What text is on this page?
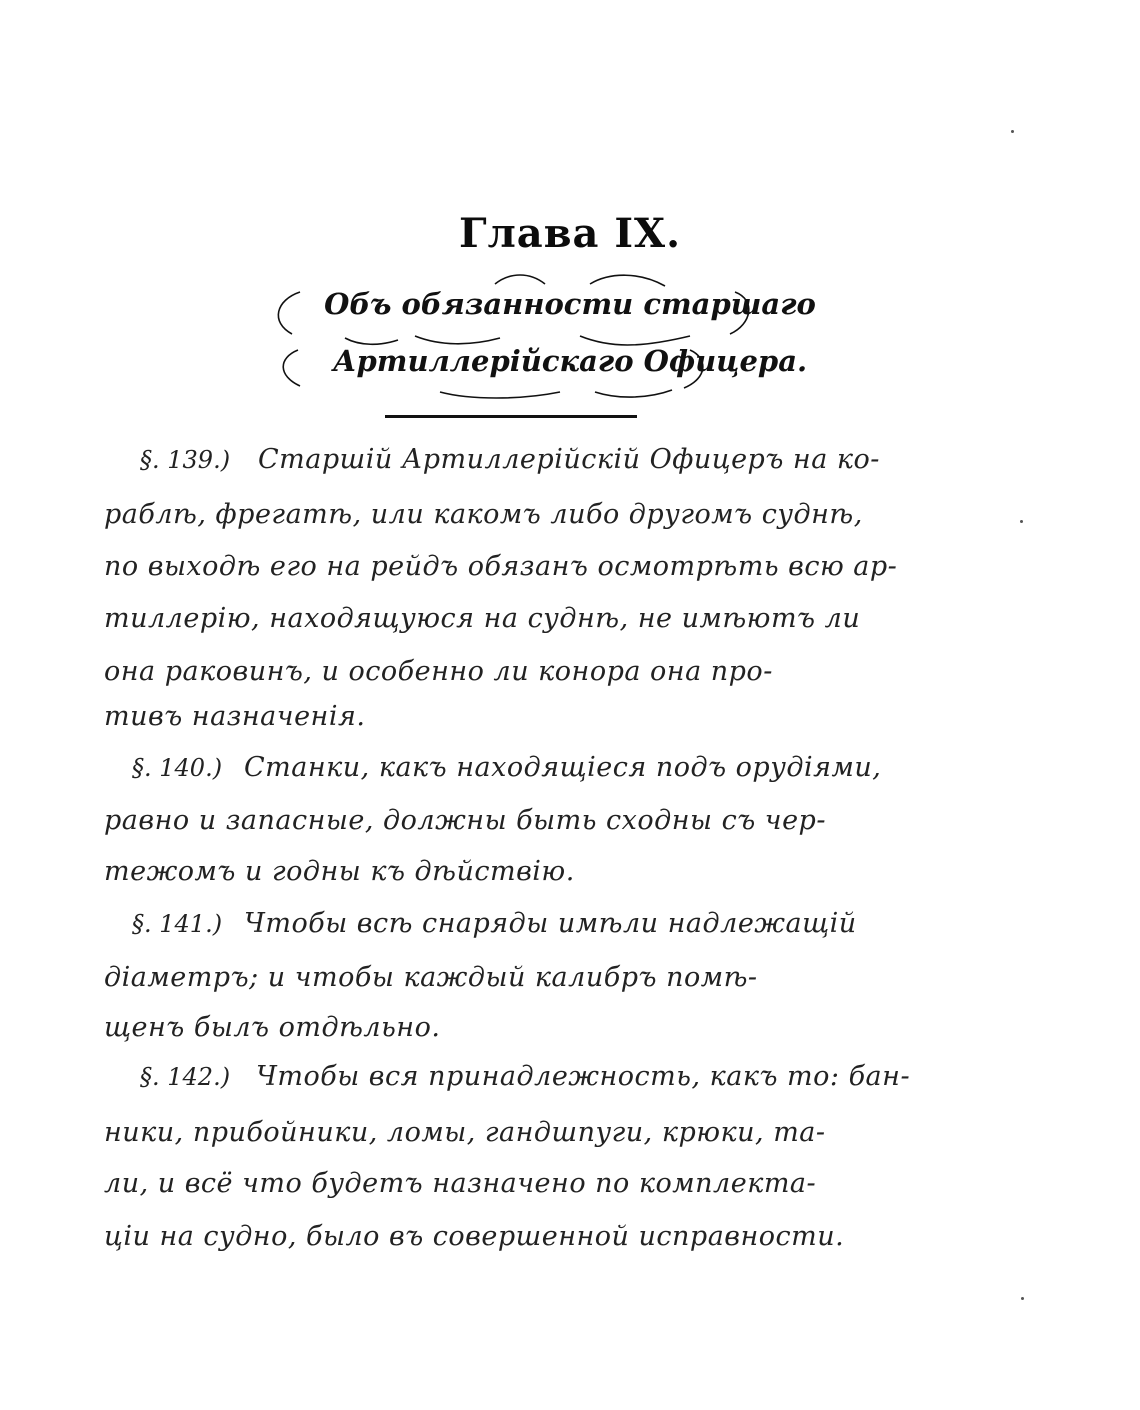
Глава IX.
Объ обязанности старшаго
Артиллерійскаго Офицера.
§. 139.) Старшій Артиллерійскій Офицеръ на ко-
раблѣ, фрегатѣ, или какомъ либо другомъ суднѣ,
по выходѣ его на рейдъ обязанъ осмотрѣть всю ар-
тиллерію, находящуюся на суднѣ, не имѣютъ ли
она раковинъ, и особенно ли конора она про-
тивъ назначенія.
§. 140.) Станки, какъ находящіеся подъ орудіями,
равно и запасные, должны быть сходны съ чер-
тежомъ и годны къ дѣйствію.
§. 141.) Чтобы всѣ снаряды имѣли надлежащій
діаметръ; и чтобы каждый калибръ помѣ-
щенъ былъ отдѣльно.
§. 142.) Чтобы вся принадлежность, какъ то: бан-
ники, прибойники, ломы, гандшпуги, крюки, та-
ли, и всё что будетъ назначено по комплекта-
ціи на судно, было въ совершенной исправности.
